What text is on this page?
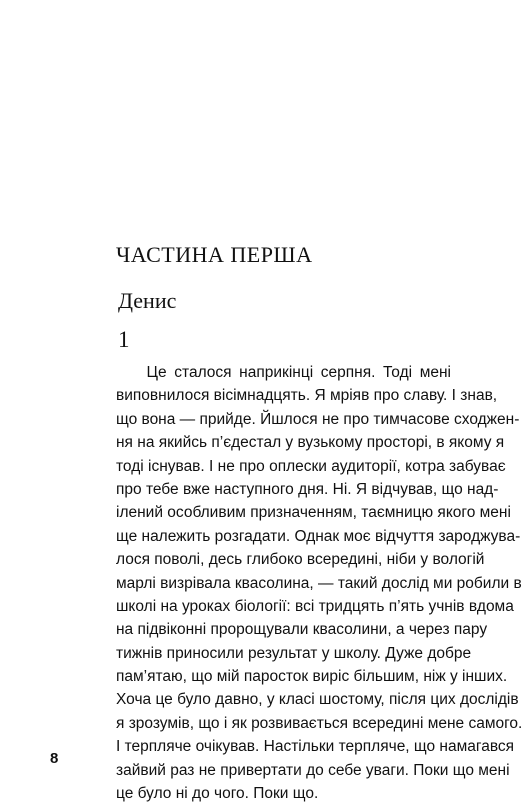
ЧАСТИНА ПЕРША
Денис
1
Це сталося наприкінці серпня. Тоді мені
виповнилося вісімнадцять. Я мріяв про славу. І знав,
що вона — прийде. Йшлося не про тимчасове сходжен-
ня на якийсь п’єдестал у вузькому просторі, в якому я
тоді існував. І не про оплески аудиторії, котра забуває
про тебе вже наступного дня. Ні. Я відчував, що над-
ілений особливим призначенням, таємницю якого мені
ще належить розгадати. Однак моє відчуття зароджува-
лося поволі, десь глибоко всередині, ніби у вологій
марлі визрівала квасолина, — такий дослід ми робили в
школі на уроках біології: всі тридцять п’ять учнів вдома
на підвіконні пророщували квасолини, а через пару
тижнів приносили результат у школу. Дуже добре
пам’ятаю, що мій паросток виріс більшим, ніж у інших.
Хоча це було давно, у класі шостому, після цих дослідів
я зрозумів, що і як розвивається всередині мене самого.
І терпляче очікував. Настільки терпляче, що намагався
зайвий раз не привертати до себе уваги. Поки що мені
це було ні до чого. Поки що.
8
